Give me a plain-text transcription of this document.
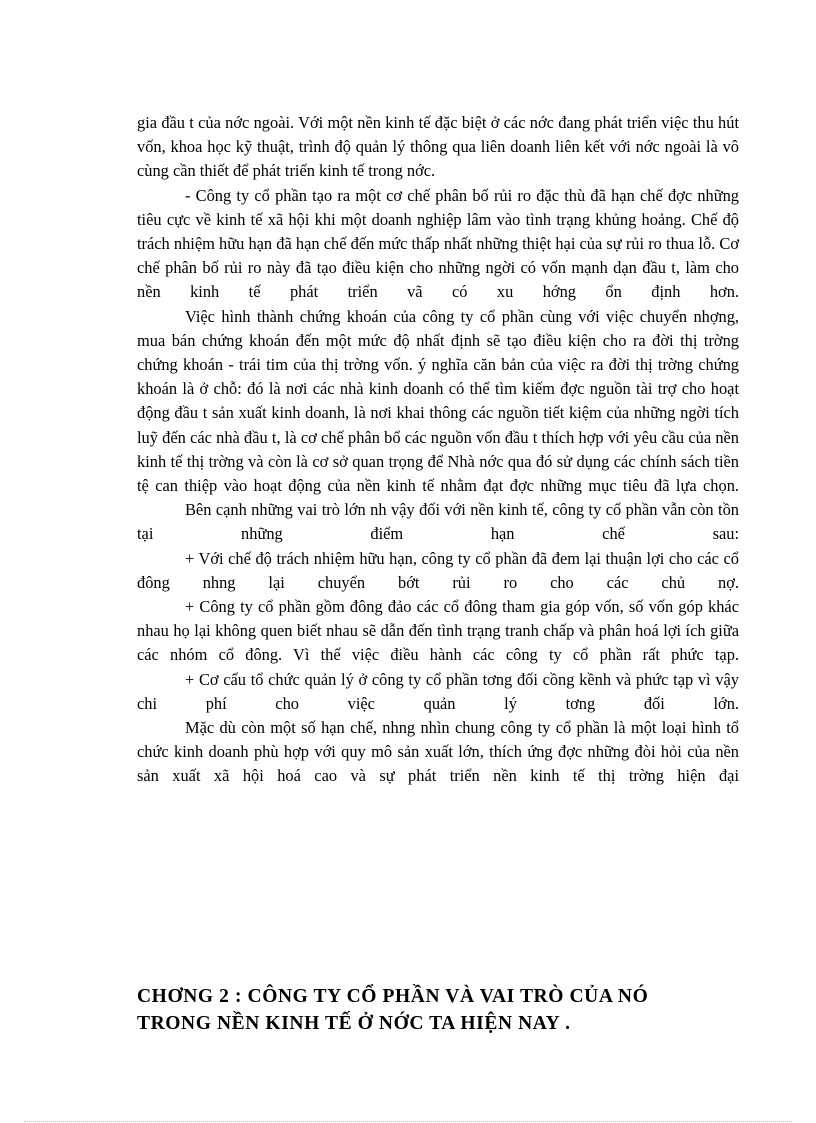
gia đầu t của nớc ngoài. Với một nền kinh tế đặc biệt ở các nớc đang phát triển việc thu hút vốn, khoa học kỹ thuật, trình độ quản lý thông qua liên doanh liên kết với nớc ngoài là vô cùng cần thiết để phát triển kinh tế trong nớc.

- Công ty cổ phần tạo ra một cơ chế phân bố rủi ro đặc thù đã hạn chế đợc những tiêu cực về kinh tế xã hội khi một doanh nghiệp lâm vào tình trạng khủng hoảng. Chế độ trách nhiệm hữu hạn đã hạn chế đến mức thấp nhất những thiệt hại của sự rủi ro thua lỗ. Cơ chế phân bố rủi ro này đã tạo điều kiện cho những ngời có vốn mạnh dạn đầu t, làm cho nền kinh tế phát triển vã có xu hớng ổn định hơn.

Việc hình thành chứng khoán của công ty cổ phần cùng với việc chuyển nhợng, mua bán chứng khoán đến một mức độ nhất định sẽ tạo điều kiện cho ra đời thị trờng chứng khoán - trái tim của thị trờng vốn. ý nghĩa căn bản của việc ra đời thị trờng chứng khoán là ở chỗ: đó là nơi các nhà kinh doanh có thể tìm kiếm đợc nguồn tài trợ cho hoạt động đầu t sản xuất kinh doanh, là nơi khai thông các nguồn tiết kiệm của những ngời tích luỹ đến các nhà đầu t, là cơ chế phân bổ các nguồn vốn đầu t thích hợp với yêu cầu của nền kinh tế thị trờng và còn là cơ sở quan trọng để Nhà nớc qua đó sử dụng các chính sách tiền tệ can thiệp vào hoạt động của nền kinh tế nhằm đạt đợc những mục tiêu đã lựa chọn.

Bên cạnh những vai trò lớn nh vậy đối với nền kinh tế, công ty cổ phần vẫn còn tồn tại những điểm hạn chế sau:

+ Với chế độ trách nhiệm hữu hạn, công ty cổ phần đã đem lại thuận lợi cho các cổ đông nhng lại chuyển bớt rủi ro cho các chủ nợ.

+ Công ty cổ phần gồm đông đảo các cổ đông tham gia góp vốn, số vốn góp khác nhau họ lại không quen biết nhau sẽ dẫn đến tình trạng tranh chấp và phân hoá lợi ích giữa các nhóm cổ đông. Vì thế việc điều hành các công ty cổ phần rất phức tạp.

+ Cơ cấu tổ chức quản lý ở công ty cổ phần tơng đối cồng kềnh và phức tạp vì vậy chi phí cho việc quản lý tơng đối lớn.

Mặc dù còn một số hạn chế, nhng nhìn chung công ty cổ phần là một loại hình tổ chức kinh doanh phù hợp với quy mô sản xuất lớn, thích ứng đợc những đòi hỏi của nền sản xuất xã hội hoá cao và sự phát triển nền kinh tế thị trờng hiện đại

CHƠNG 2 : CÔNG TY CỔ PHẦN VÀ VAI TRÒ CỦA NÓ
TRONG NỀN KINH TẾ Ở NỚC TA HIỆN NAY .
